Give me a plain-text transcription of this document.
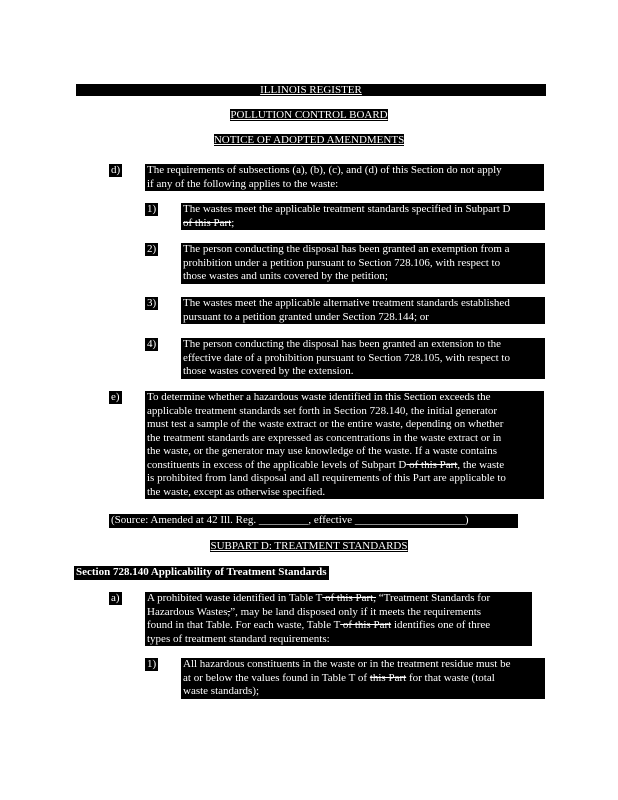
ILLINOIS REGISTER
POLLUTION CONTROL BOARD
NOTICE OF ADOPTED AMENDMENTS
d) The requirements of subsections (a), (b), (c), and (d) of this Section do not apply

if any of the following applies to the waste:

1) The wastes meet the applicable treatment standards specified in Subpart D

of this Part;

2) The person conducting the disposal has been granted an exemption from a

prohibition under a petition pursuant to Section 728.106, with respect to

those wastes and units covered by the petition;

3) The wastes meet the applicable alternative treatment standards established

pursuant to a petition granted under Section 728.144; or

4) The person conducting the disposal has been granted an extension to the

effective date of a prohibition pursuant to Section 728.105, with respect to

those wastes covered by the extension.

e) To determine whether a hazardous waste identified in this Section exceeds the

applicable treatment standards set forth in Section 728.140, the initial generator

must test a sample of the waste extract or the entire waste, depending on whether

the treatment standards are expressed as concentrations in the waste extract or in

the waste, or the generator may use knowledge of the waste. If a waste contains

constituents in excess of the applicable levels of Subpart D of this Part, the waste

is prohibited from land disposal and all requirements of this Part are applicable to

the waste, except as otherwise specified.

(Source: Amended at 42 Ill. Reg. _________, effective ____________________)

SUBPART D: TREATMENT STANDARDS
Section 728.140 Applicability of Treatment Standards
a) A prohibited waste identified in Table T of this Part, “Treatment Standards for

Hazardous Wastes,”, may be land disposed only if it meets the requirements

found in that Table. For each waste, Table T of this Part identifies one of three

types of treatment standard requirements:

1) All hazardous constituents in the waste or in the treatment residue must be

at or below the values found in Table T of this Part for that waste (total

waste standards);
